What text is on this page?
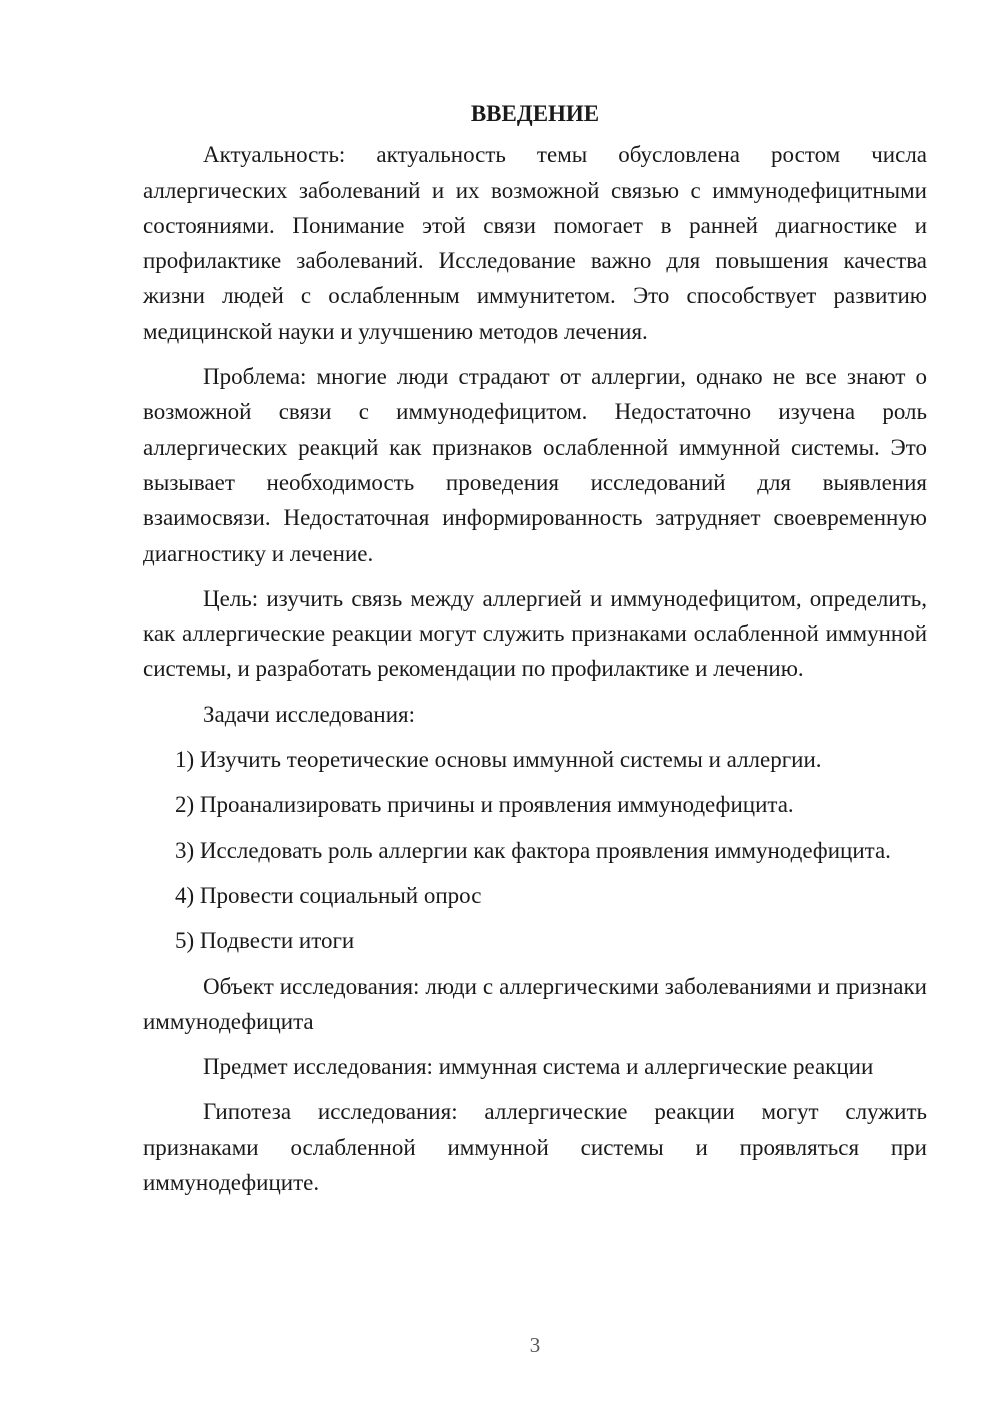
ВВЕДЕНИЕ

Актуальность: актуальность темы обусловлена ростом числа аллергических заболеваний и их возможной связью с иммунодефицитными состояниями. Понимание этой связи помогает в ранней диагностике и профилактике заболеваний. Исследование важно для повышения качества жизни людей с ослабленным иммунитетом. Это способствует развитию медицинской науки и улучшению методов лечения.

Проблема: многие люди страдают от аллергии, однако не все знают о возможной связи с иммунодефицитом. Недостаточно изучена роль аллергических реакций как признаков ослабленной иммунной системы. Это вызывает необходимость проведения исследований для выявления взаимосвязи. Недостаточная информированность затрудняет своевременную диагностику и лечение.

Цель: изучить связь между аллергией и иммунодефицитом, определить, как аллергические реакции могут служить признаками ослабленной иммунной системы, и разработать рекомендации по профилактике и лечению.

Задачи исследования:

1) Изучить теоретические основы иммунной системы и аллергии.

2) Проанализировать причины и проявления иммунодефицита.

3) Исследовать роль аллергии как фактора проявления иммунодефицита.

4) Провести социальный опрос

5) Подвести итоги

Объект исследования: люди с аллергическими заболеваниями и признаки иммунодефицита

Предмет исследования: иммунная система и аллергические реакции

Гипотеза исследования: аллергические реакции могут служить признаками ослабленной иммунной системы и проявляться при иммунодефиците.

3
